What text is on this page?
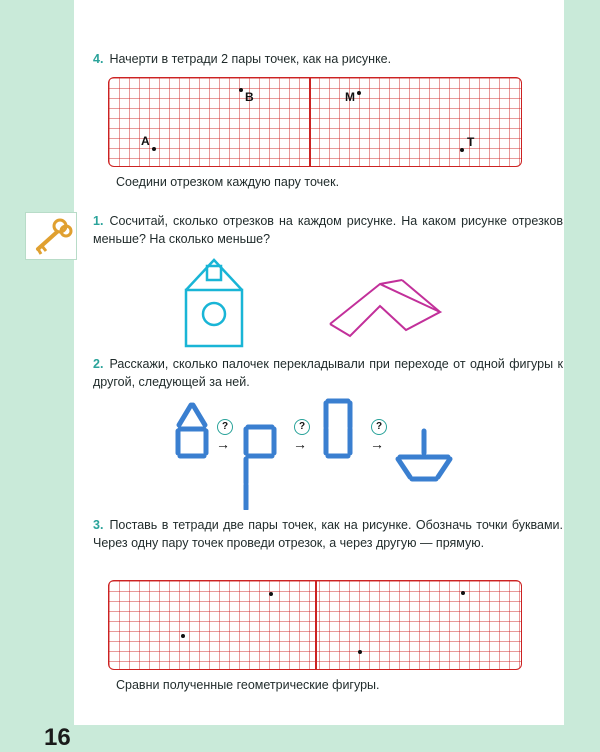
4. Начерти в тетради 2 пары точек, как на рисунке.
B	M
A	T
Соедини отрезком каждую пару точек.
1. Сосчитай, сколько отрезков на каждом рисунке. На каком рисунке отрезков меньше? На сколько меньше?
2. Расскажи, сколько палочек перекладывали при переходе от одной фигуры к другой, следующей за ней.
?
→
?
→
?
→
3. Поставь в тетради две пары точек, как на рисунке. Обозначь точки буквами. Через одну пару точек проведи отрезок, а через другую — прямую.
Сравни полученные геометрические фигуры.
16
